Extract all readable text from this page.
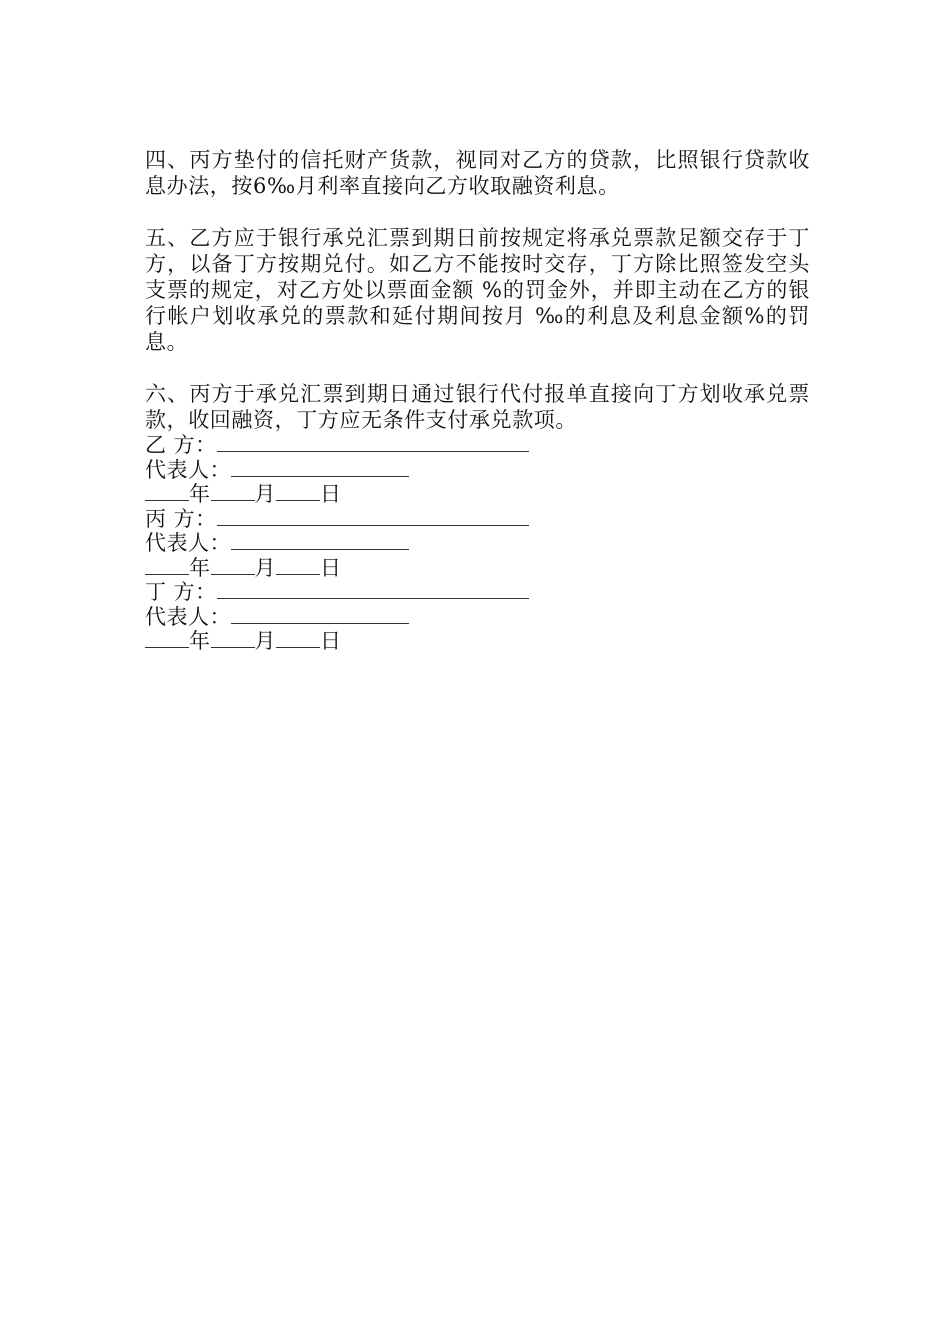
四、丙方垫付的信托财产货款，视同对乙方的贷款，比照银行贷款收息办法，按6‰月利率直接向乙方收取融资利息。

五、乙方应于银行承兑汇票到期日前按规定将承兑票款足额交存于丁方，以备丁方按期兑付。如乙方不能按时交存，丁方除比照签发空头支票的规定，对乙方处以票面金额 %的罚金外，并即主动在乙方的银行帐户划收承兑的票款和延付期间按月 ‰的利息及利息金额%的罚息。

六、丙方于承兑汇票到期日通过银行代付报单直接向丁方划收承兑票款，收回融资，丁方应无条件支付承兑款项。

乙 方：
代表人：
年 月 日
丙 方：
代表人：
年 月 日
丁 方：
代表人：
年 月 日
